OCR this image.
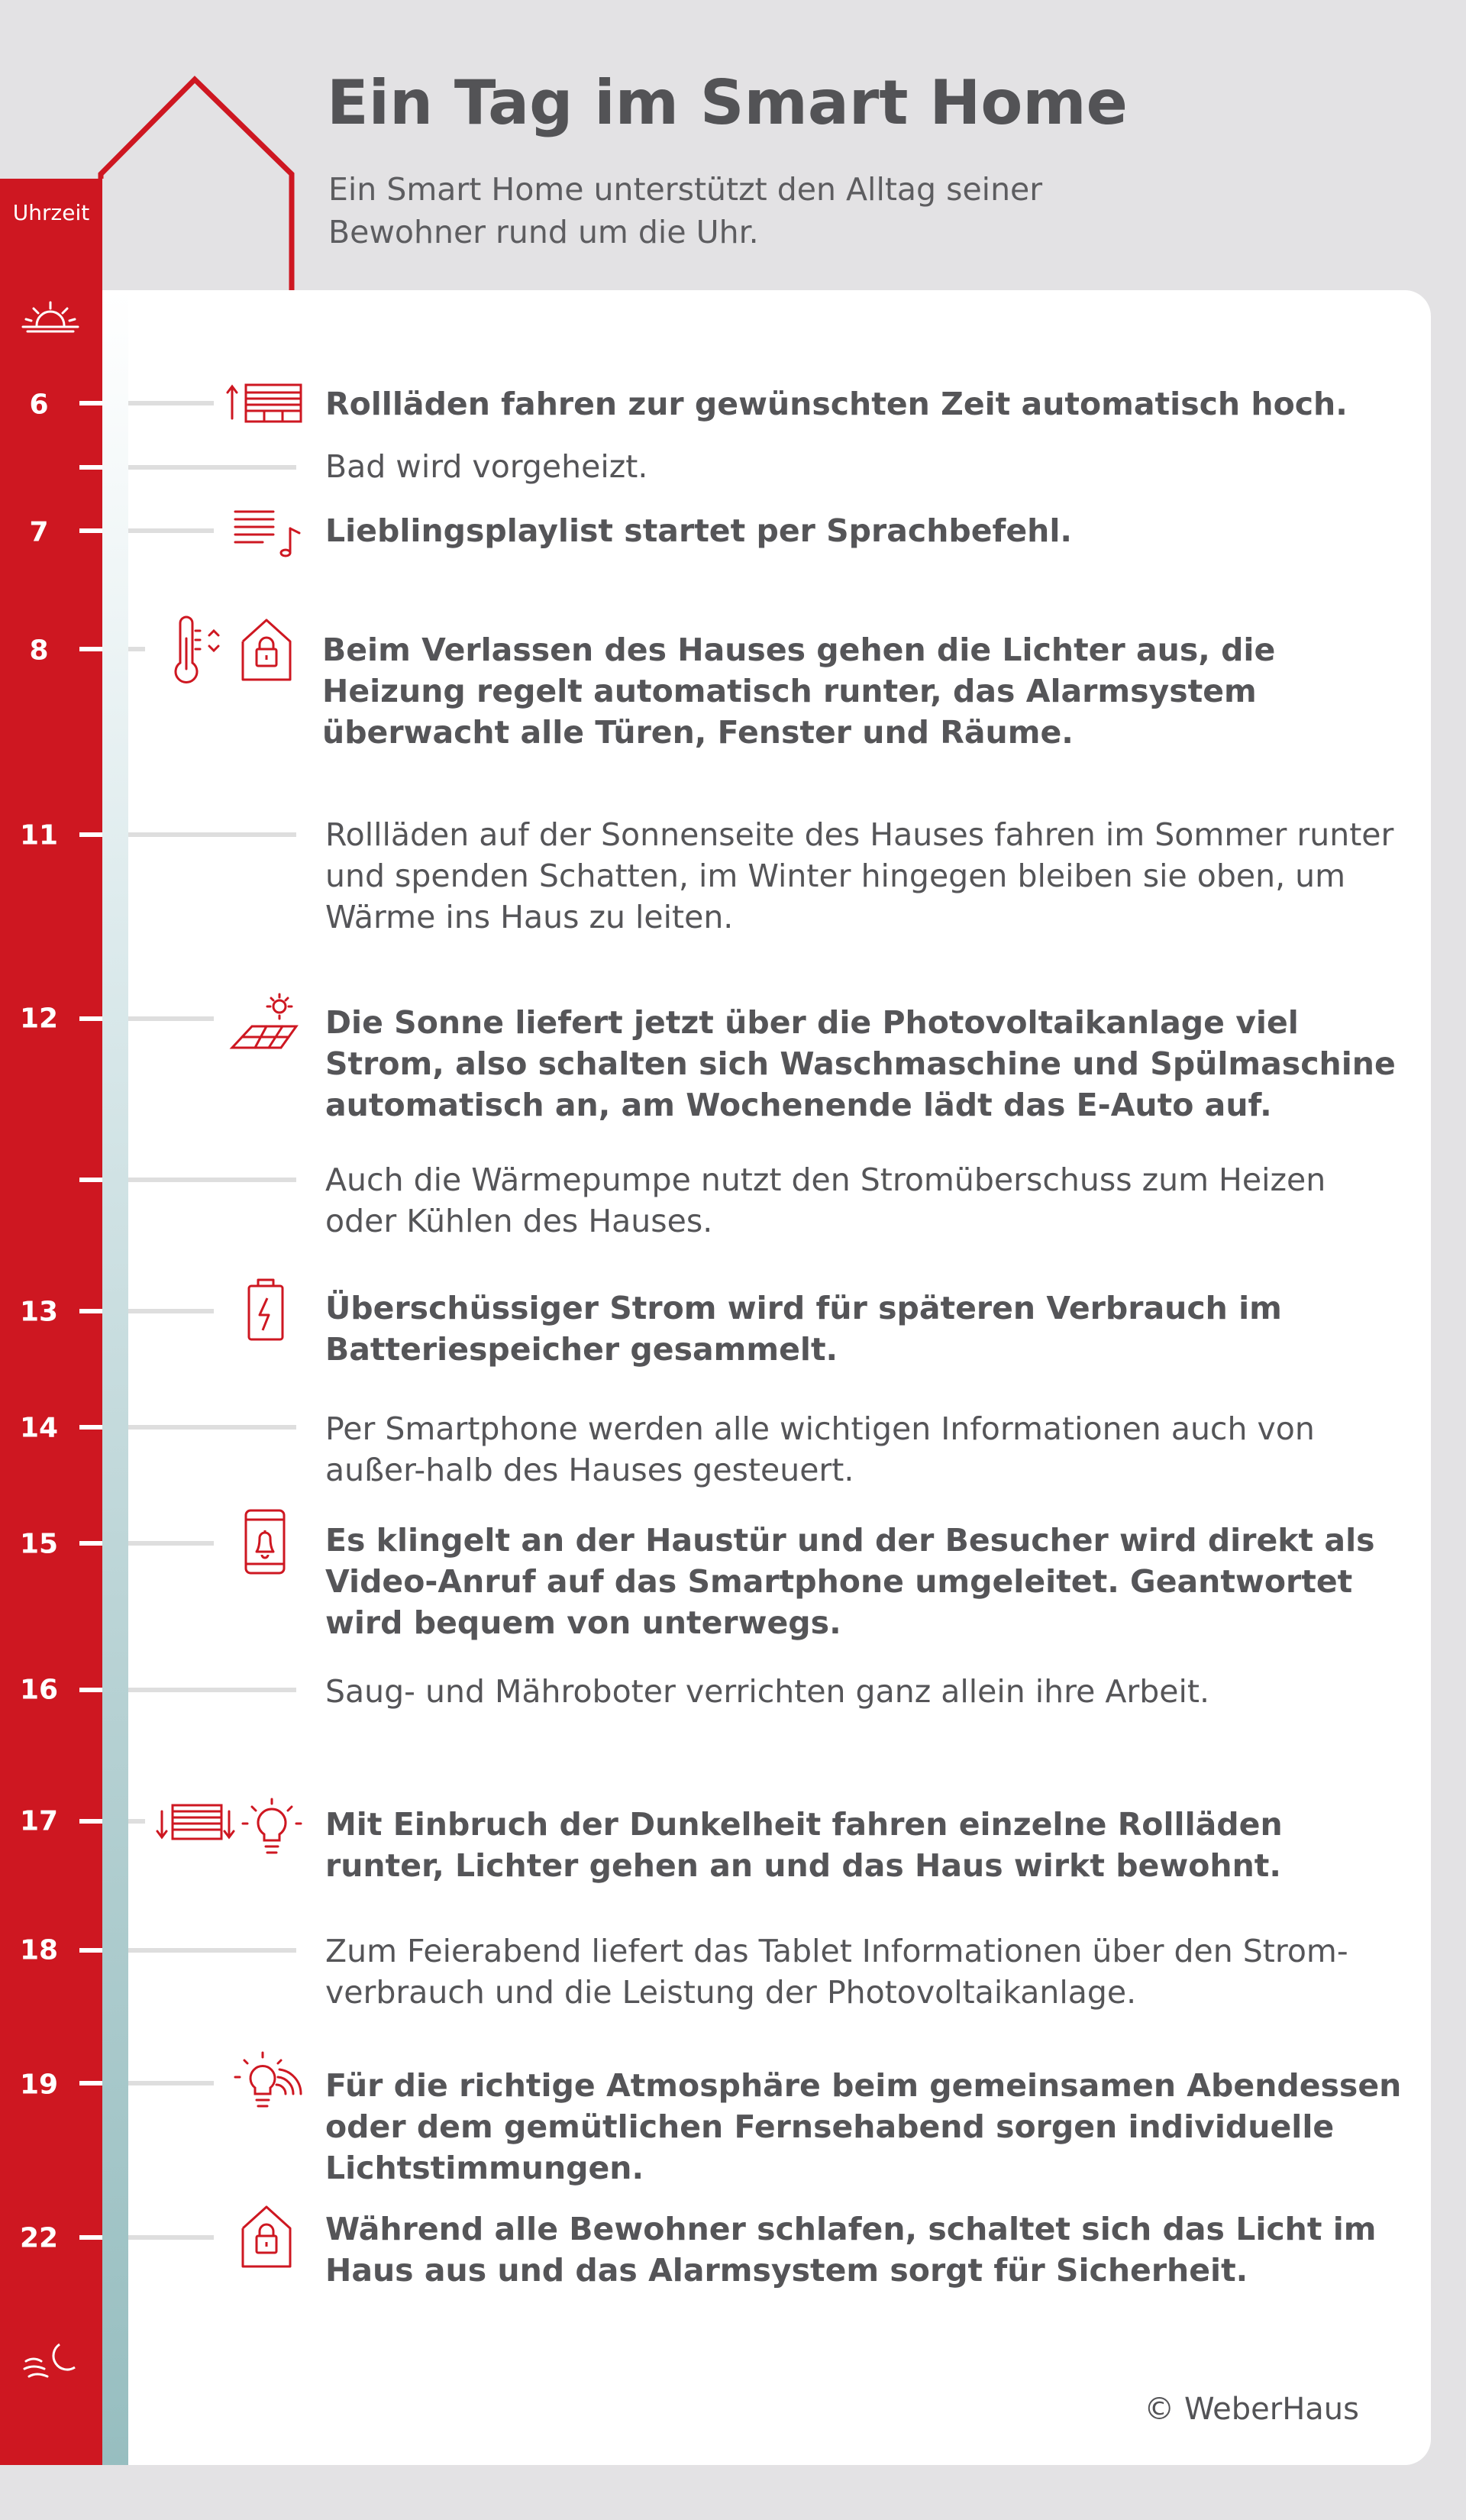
Uhrzeit
Ein Tag im Smart Home
Ein Smart Home unterstützt den Alltag seiner Bewohner rund um die Uhr.
6	Rollläden fahren zur gewünschten Zeit automatisch hoch.
Bad wird vorgeheizt.
7	Lieblingsplaylist startet per Sprachbefehl.
8	Beim Verlassen des Hauses gehen die Lichter aus, die Heizung regelt automatisch runter, das Alarmsystem überwacht alle Türen, Fenster und Räume.
11	Rollläden auf der Sonnenseite des Hauses fahren im Sommer runter und spenden Schatten, im Winter hingegen bleiben sie oben, um Wärme ins Haus zu leiten.
12	Die Sonne liefert jetzt über die Photovoltaikanlage viel Strom, also schalten sich Waschmaschine und Spülmaschine automatisch an, am Wochenende lädt das E-Auto auf.
Auch die Wärmepumpe nutzt den Stromüberschuss zum Heizen oder Kühlen des Hauses.
13	Überschüssiger Strom wird für späteren Verbrauch im Batteriespeicher gesammelt.
14	Per Smartphone werden alle wichtigen Informationen auch von außer-halb des Hauses gesteuert.
15	Es klingelt an der Haustür und der Besucher wird direkt als Video-Anruf auf das Smartphone umgeleitet. Geantwortet wird bequem von unterwegs.
16	Saug- und Mähroboter verrichten ganz allein ihre Arbeit.
17	Mit Einbruch der Dunkelheit fahren einzelne Rollläden runter, Lichter gehen an und das Haus wirkt bewohnt.
18	Zum Feierabend liefert das Tablet Informationen über den Strom-verbrauch und die Leistung der Photovoltaikanlage.
19	Für die richtige Atmosphäre beim gemeinsamen Abendessen oder dem gemütlichen Fernsehabend sorgen individuelle Lichtstimmungen.
22	Während alle Bewohner schlafen, schaltet sich das Licht im Haus aus und das Alarmsystem sorgt für Sicherheit.
© WeberHaus
